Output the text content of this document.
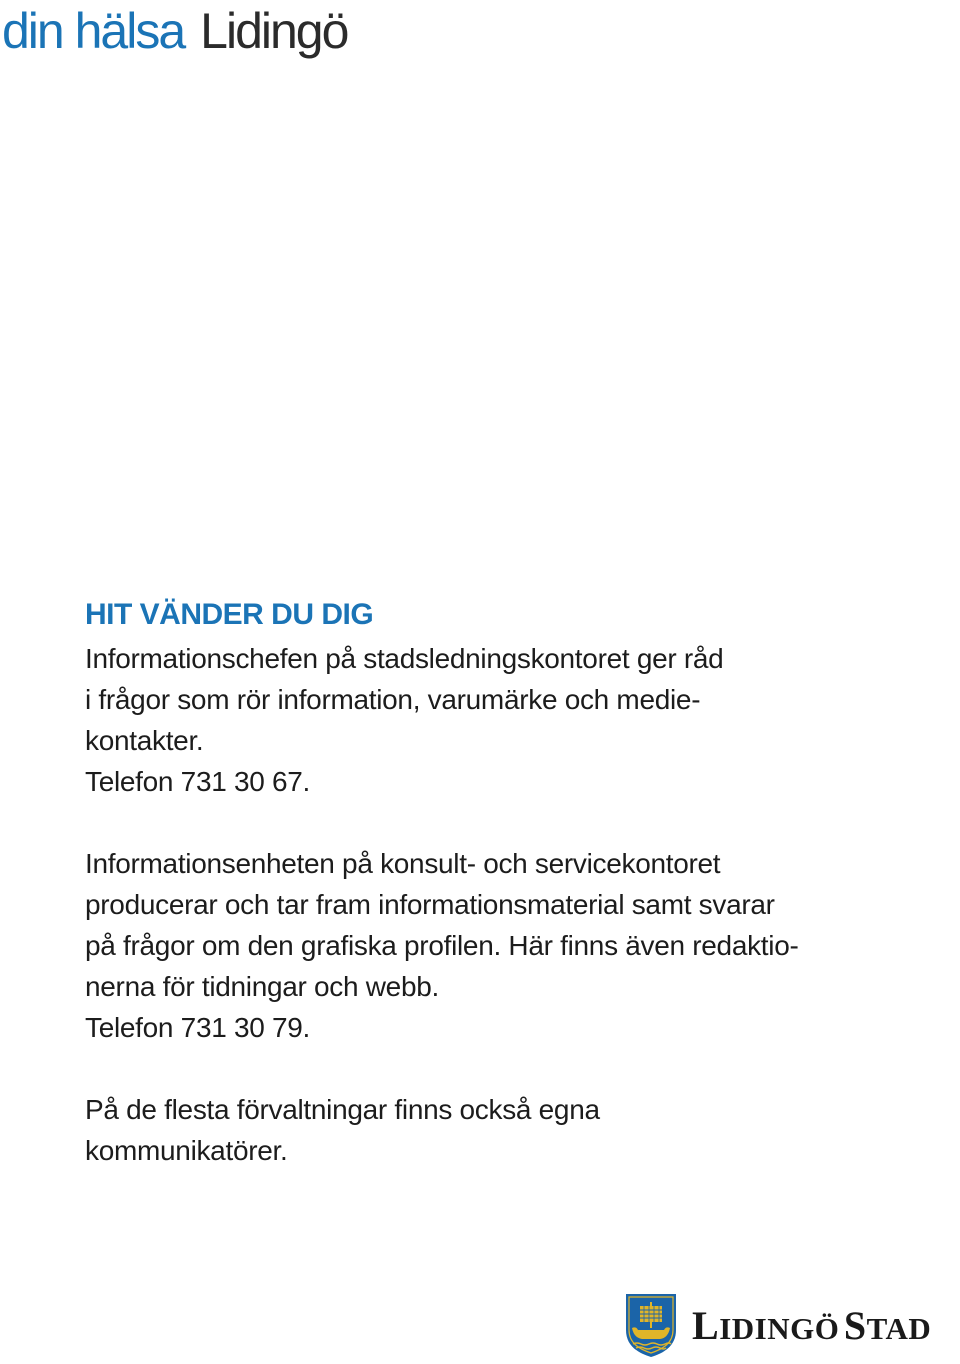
din hälsa Lidingö
HIT VÄNDER DU DIG

Informationschefen på stadsledningskontoret ger råd
i frågor som rör information, varumärke och medie-
kontakter.
Telefon 731 30 67.

Informationsenheten på konsult- och servicekontoret
producerar och tar fram informationsmaterial samt svarar
på frågor om den grafiska profilen. Här finns även redaktio-
nerna för tidningar och webb.
Telefon 731 30 79.

På de flesta förvaltningar finns också egna
kommunikatörer.

LIDINGÖ STAD
